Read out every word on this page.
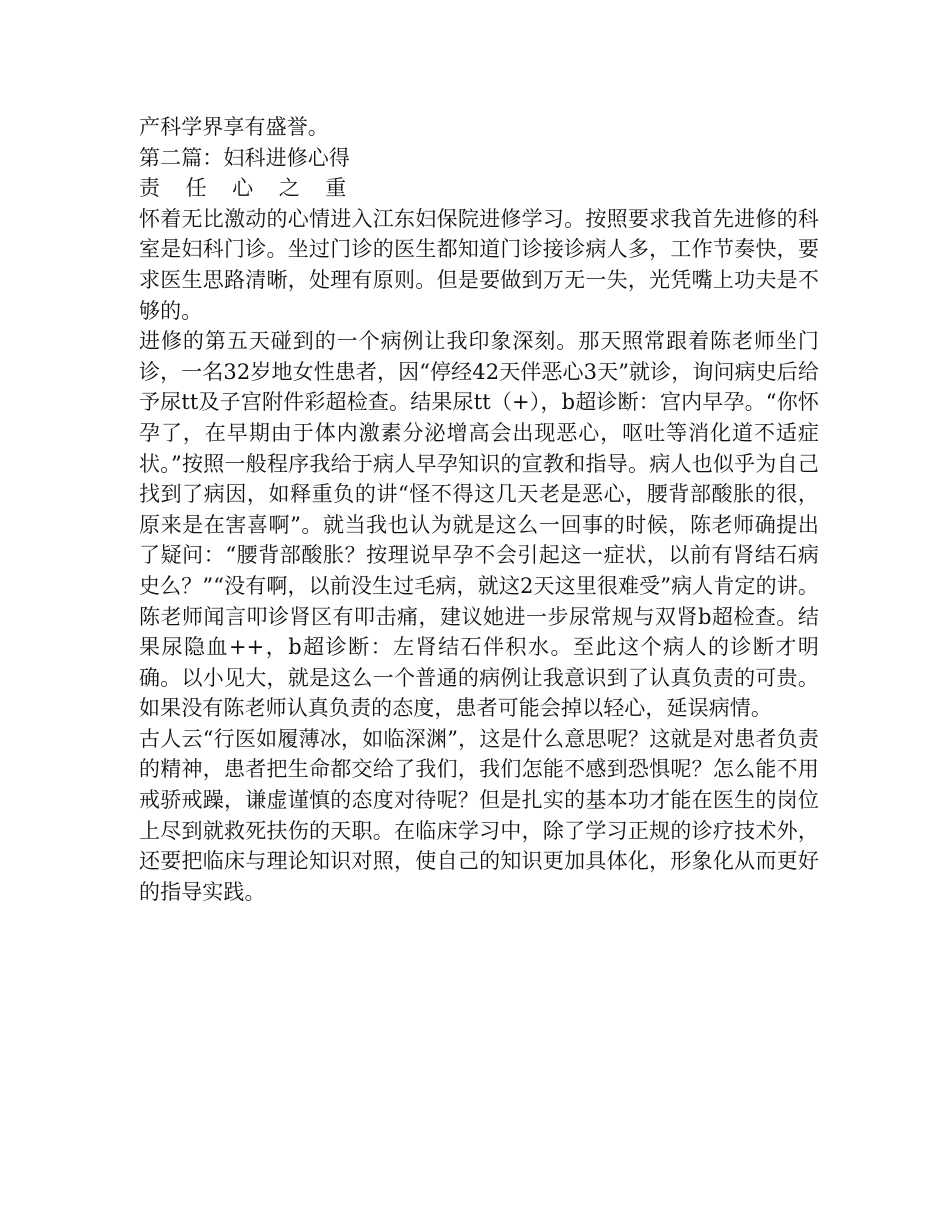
产科学界享有盛誉。

第二篇：妇科进修心得

责 任 心 之 重

怀着无比激动的心情进入江东妇保院进修学习。按照要求我首先进修的科室是妇科门诊。坐过门诊的医生都知道门诊接诊病人多，工作节奏快，要求医生思路清晰，处理有原则。但是要做到万无一失，光凭嘴上功夫是不够的。

进修的第五天碰到的一个病例让我印象深刻。那天照常跟着陈老师坐门诊，一名32岁地女性患者，因“停经42天伴恶心3天”就诊，询问病史后给予尿tt及子宫附件彩超检查。结果尿tt（+），b超诊断：宫内早孕。“你怀孕了，在早期由于体内激素分泌增高会出现恶心，呕吐等消化道不适症状。”按照一般程序我给于病人早孕知识的宣教和指导。病人也似乎为自己找到了病因，如释重负的讲“怪不得这几天老是恶心，腰背部酸胀的很，原来是在害喜啊”。就当我也认为就是这么一回事的时候，陈老师确提出了疑问：“腰背部酸胀？按理说早孕不会引起这一症状，以前有肾结石病史么？”“没有啊，以前没生过毛病，就这2天这里很难受”病人肯定的讲。陈老师闻言叩诊肾区有叩击痛，建议她进一步尿常规与双肾b超检查。结果尿隐血++，b超诊断：左肾结石伴积水。至此这个病人的诊断才明确。以小见大，就是这么一个普通的病例让我意识到了认真负责的可贵。如果没有陈老师认真负责的态度，患者可能会掉以轻心，延误病情。

古人云“行医如履薄冰，如临深渊”，这是什么意思呢？这就是对患者负责的精神，患者把生命都交给了我们，我们怎能不感到恐惧呢？怎么能不用戒骄戒躁，谦虚谨慎的态度对待呢？但是扎实的基本功才能在医生的岗位上尽到就救死扶伤的天职。在临床学习中，除了学习正规的诊疗技术外，还要把临床与理论知识对照，使自己的知识更加具体化，形象化从而更好的指导实践。
